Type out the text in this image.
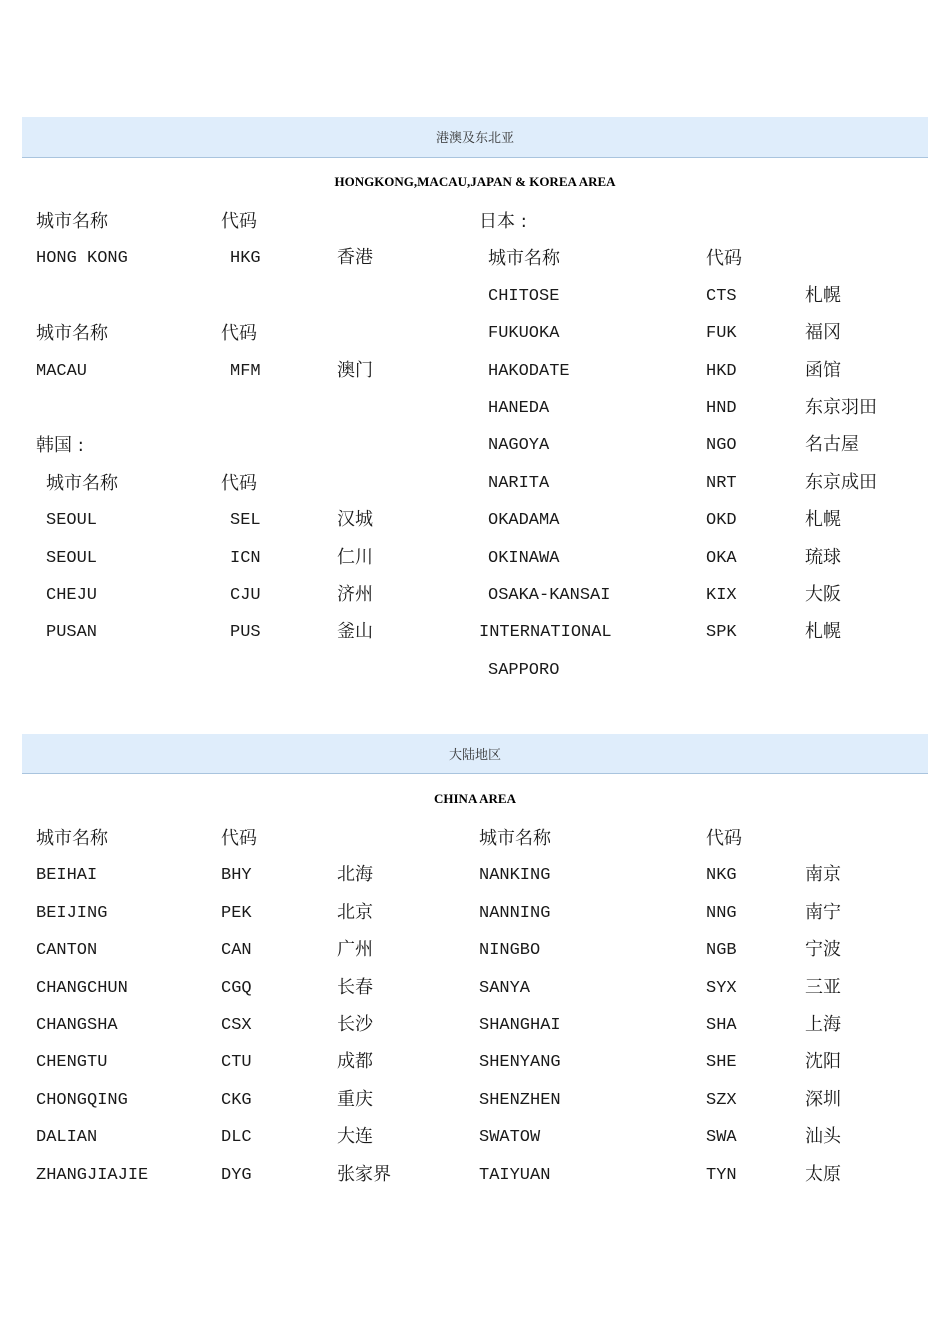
港澳及东北亚
HONGKONG,MACAU,JAPAN & KOREA AREA
城市名称	代码
HONG KONG	HKG	香港
城市名称	代码
MACAU	MFM	澳门
韩国 :
城市名称	代码
SEOUL	SEL	汉城
SEOUL	ICN	仁川
CHEJU	CJU	济州
PUSAN	PUS	釜山
日本 :
城市名称	代码
CHITOSE	CTS	札幌
FUKUOKA	FUK	福冈
HAKODATE	HKD	函馆
HANEDA	HND	东京羽田
NAGOYA	NGO	名古屋
NARITA	NRT	东京成田
OKADAMA	OKD	札幌
OKINAWA	OKA	琉球
OSAKA-KANSAI	KIX	大阪
INTERNATIONAL	SPK	札幌
SAPPORO
大陆地区
CHINA AREA
城市名称	代码	城市名称	代码
BEIHAI	BHY	北海
BEIJING	PEK	北京
CANTON	CAN	广州
CHANGCHUN	CGQ	长春
CHANGSHA	CSX	长沙
CHENGTU	CTU	成都
CHONGQING	CKG	重庆
DALIAN	DLC	大连
ZHANGJIAJIE	DYG	张家界
NANKING	NKG	南京
NANNING	NNG	南宁
NINGBO	NGB	宁波
SANYA	SYX	三亚
SHANGHAI	SHA	上海
SHENYANG	SHE	沈阳
SHENZHEN	SZX	深圳
SWATOW	SWA	汕头
TAIYUAN	TYN	太原
